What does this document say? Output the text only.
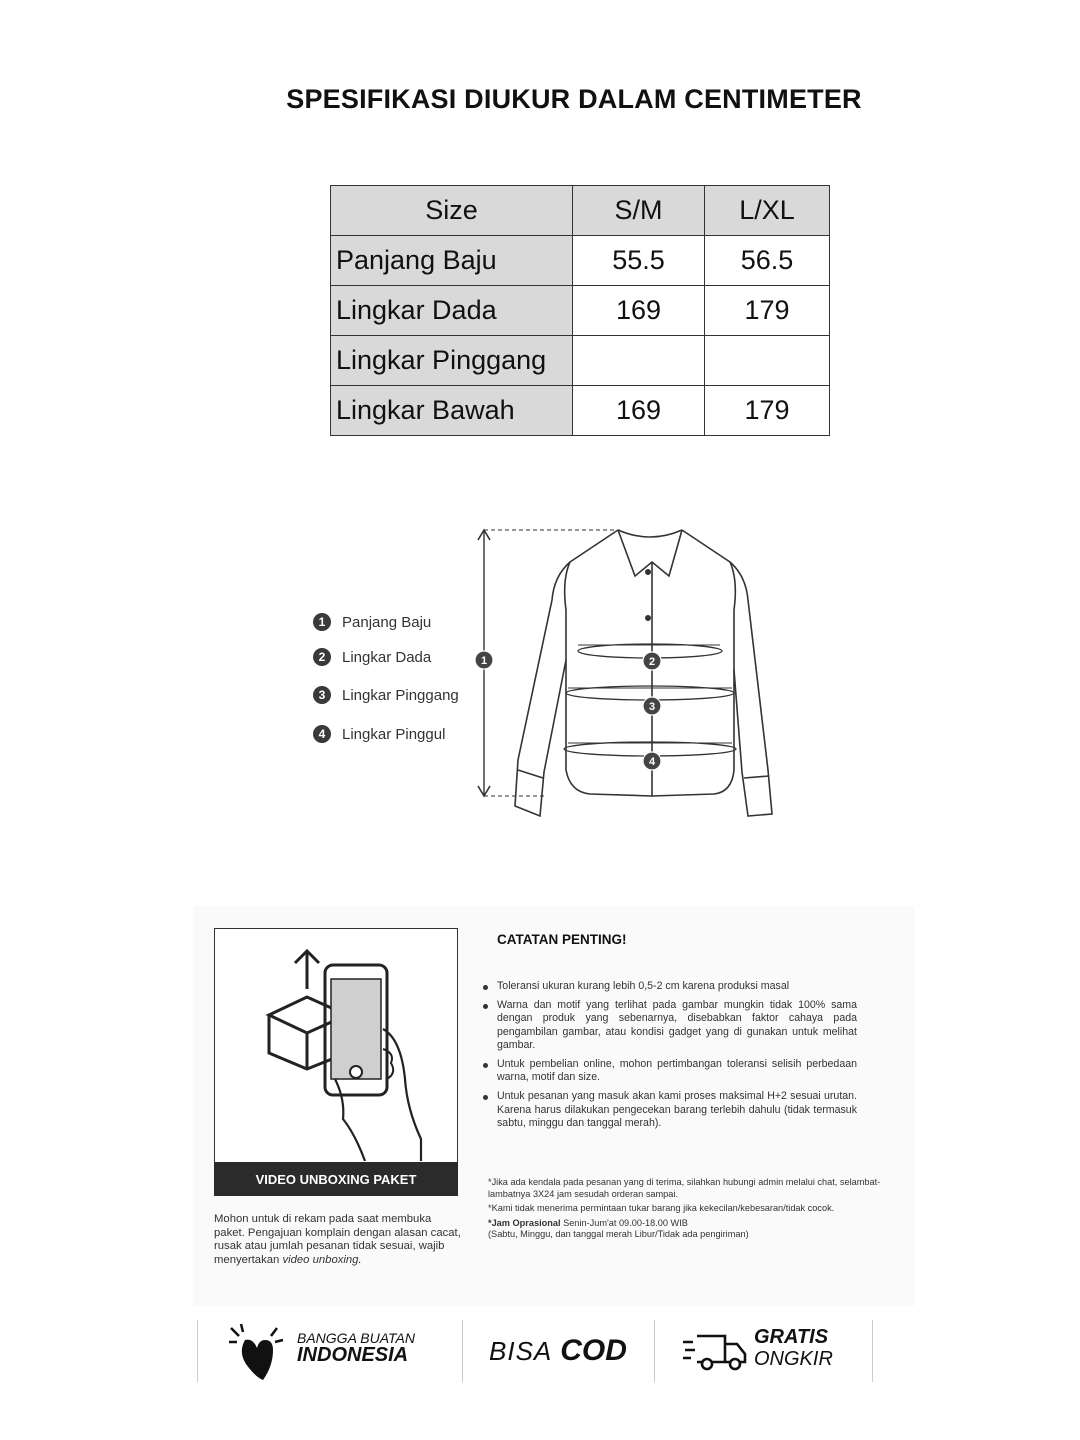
SPESIFIKASI DIUKUR DALAM CENTIMETER
Size	S/M	L/XL
Panjang Baju	55.5	56.5
Lingkar Dada	169	179
Lingkar Pinggang		
Lingkar Bawah	169	179
1	Panjang Baju
2	Lingkar Dada
3	Lingkar Pinggang
4	Lingkar Pinggul
1	2
3
4
VIDEO UNBOXING PAKET
Mohon untuk di rekam pada saat membuka paket. Pengajuan komplain dengan alasan cacat, rusak atau jumlah pesanan tidak sesuai, wajib menyertakan video unboxing.
CATATAN PENTING!
Toleransi ukuran kurang lebih 0,5-2 cm karena produksi masal
Warna dan motif yang terlihat pada gambar mungkin tidak 100% sama dengan produk yang sebenarnya, disebabkan faktor cahaya pada pengambilan gambar, atau kondisi gadget yang di gunakan untuk melihat gambar.
Untuk pembelian online, mohon pertimbangan toleransi selisih perbedaan warna, motif dan size.
Untuk pesanan yang masuk akan kami proses maksimal H+2 sesuai urutan. Karena harus dilakukan pengecekan barang terlebih dahulu (tidak termasuk sabtu, minggu dan tanggal merah).

*Jika ada kendala pada pesanan yang di terima, silahkan hubungi admin melalui chat, selambat-lambatnya 3X24 jam sesudah orderan sampai.

*Kami tidak menerima permintaan tukar barang jika kekecilan/kebesaran/tidak cocok.

*Jam Oprasional Senin-Jum'at 09.00-18.00 WIB
(Sabtu, Minggu, dan tanggal merah Libur/Tidak ada pengiriman)

BANGGA BUATAN
INDONESIA	BISA COD	GRATIS
ONGKIR
